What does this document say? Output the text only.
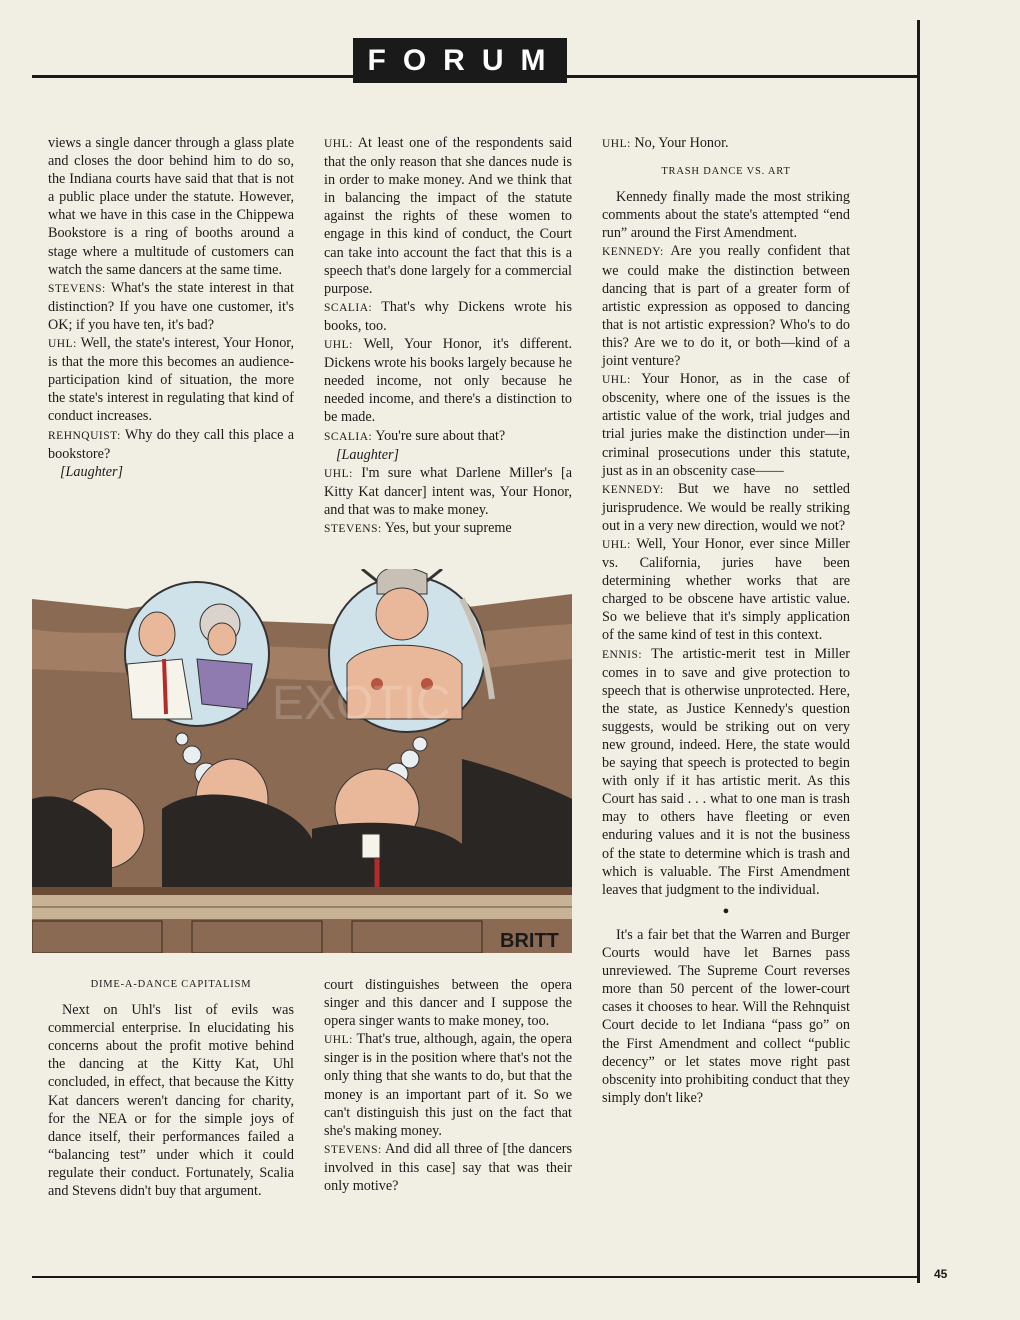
FORUM

views a single dancer through a glass plate and closes the door behind him to do so, the Indiana courts have said that that is not a public place under the statute. However, what we have in this case in the Chippewa Bookstore is a ring of booths around a stage where a multitude of customers can watch the same dancers at the same time.

STEVENS: What's the state interest in that distinction? If you have one customer, it's OK; if you have ten, it's bad?

UHL: Well, the state's interest, Your Honor, is that the more this becomes an audience-participation kind of situation, the more the state's interest in regulating that kind of conduct increases.

REHNQUIST: Why do they call this place a bookstore?

[Laughter]

UHL: At least one of the respondents said that the only reason that she dances nude is in order to make money. And we think that in balancing the impact of the statute against the rights of these women to engage in this kind of conduct, the Court can take into account the fact that this is a speech that's done largely for a commercial purpose.

SCALIA: That's why Dickens wrote his books, too.

UHL: Well, Your Honor, it's different. Dickens wrote his books largely because he needed income, not only because he needed income, and there's a distinction to be made.

SCALIA: You're sure about that?

[Laughter]

UHL: I'm sure what Darlene Miller's [a Kitty Kat dancer] intent was, Your Honor, and that was to make money.

STEVENS: Yes, but your supreme

BRITT
EXOTIC
DIME-A-DANCE CAPITALISM

Next on Uhl's list of evils was commercial enterprise. In elucidating his concerns about the profit motive behind the dancing at the Kitty Kat, Uhl concluded, in effect, that because the Kitty Kat dancers weren't dancing for charity, for the NEA or for the simple joys of dance itself, their performances failed a “balancing test” under which it could regulate their conduct. Fortunately, Scalia and Stevens didn't buy that argument.

court distinguishes between the opera singer and this dancer and I suppose the opera singer wants to make money, too.

UHL: That's true, although, again, the opera singer is in the position where that's not the only thing that she wants to do, but that the money is an important part of it. So we can't distinguish this just on the fact that she's making money.

STEVENS: And did all three of [the dancers involved in this case] say that was their only motive?

UHL: No, Your Honor.

TRASH DANCE VS. ART

Kennedy finally made the most striking comments about the state's attempted “end run” around the First Amendment.

KENNEDY: Are you really confident that we could make the distinction between dancing that is part of a greater form of artistic expression as opposed to dancing that is not artistic expression? Who's to do this? Are we to do it, or both—kind of a joint venture?

UHL: Your Honor, as in the case of obscenity, where one of the issues is the artistic value of the work, trial judges and trial juries make the distinction under—in criminal prosecutions under this statute, just as in an obscenity case——

KENNEDY: But we have no settled jurisprudence. We would be really striking out in a very new direction, would we not?

UHL: Well, Your Honor, ever since Miller vs. California, juries have been determining whether works that are charged to be obscene have artistic value. So we believe that it's simply application of the same kind of test in this context.

ENNIS: The artistic-merit test in Miller comes in to save and give protection to speech that is otherwise unprotected. Here, the state, as Justice Kennedy's question suggests, would be striking out on very new ground, indeed. Here, the state would be saying that speech is protected to begin with only if it has artistic merit. As this Court has said . . . what to one man is trash may to others have fleeting or even enduring values and it is not the business of the state to determine which is trash and which is valuable. The First Amendment leaves that judgment to the individual.

●

It's a fair bet that the Warren and Burger Courts would have let Barnes pass unreviewed. The Supreme Court reverses more than 50 percent of the lower-court cases it chooses to hear. Will the Rehnquist Court decide to let Indiana “pass go” on the First Amendment and collect “public decency” or let states move right past obscenity into prohibiting conduct that they simply don't like?

45
